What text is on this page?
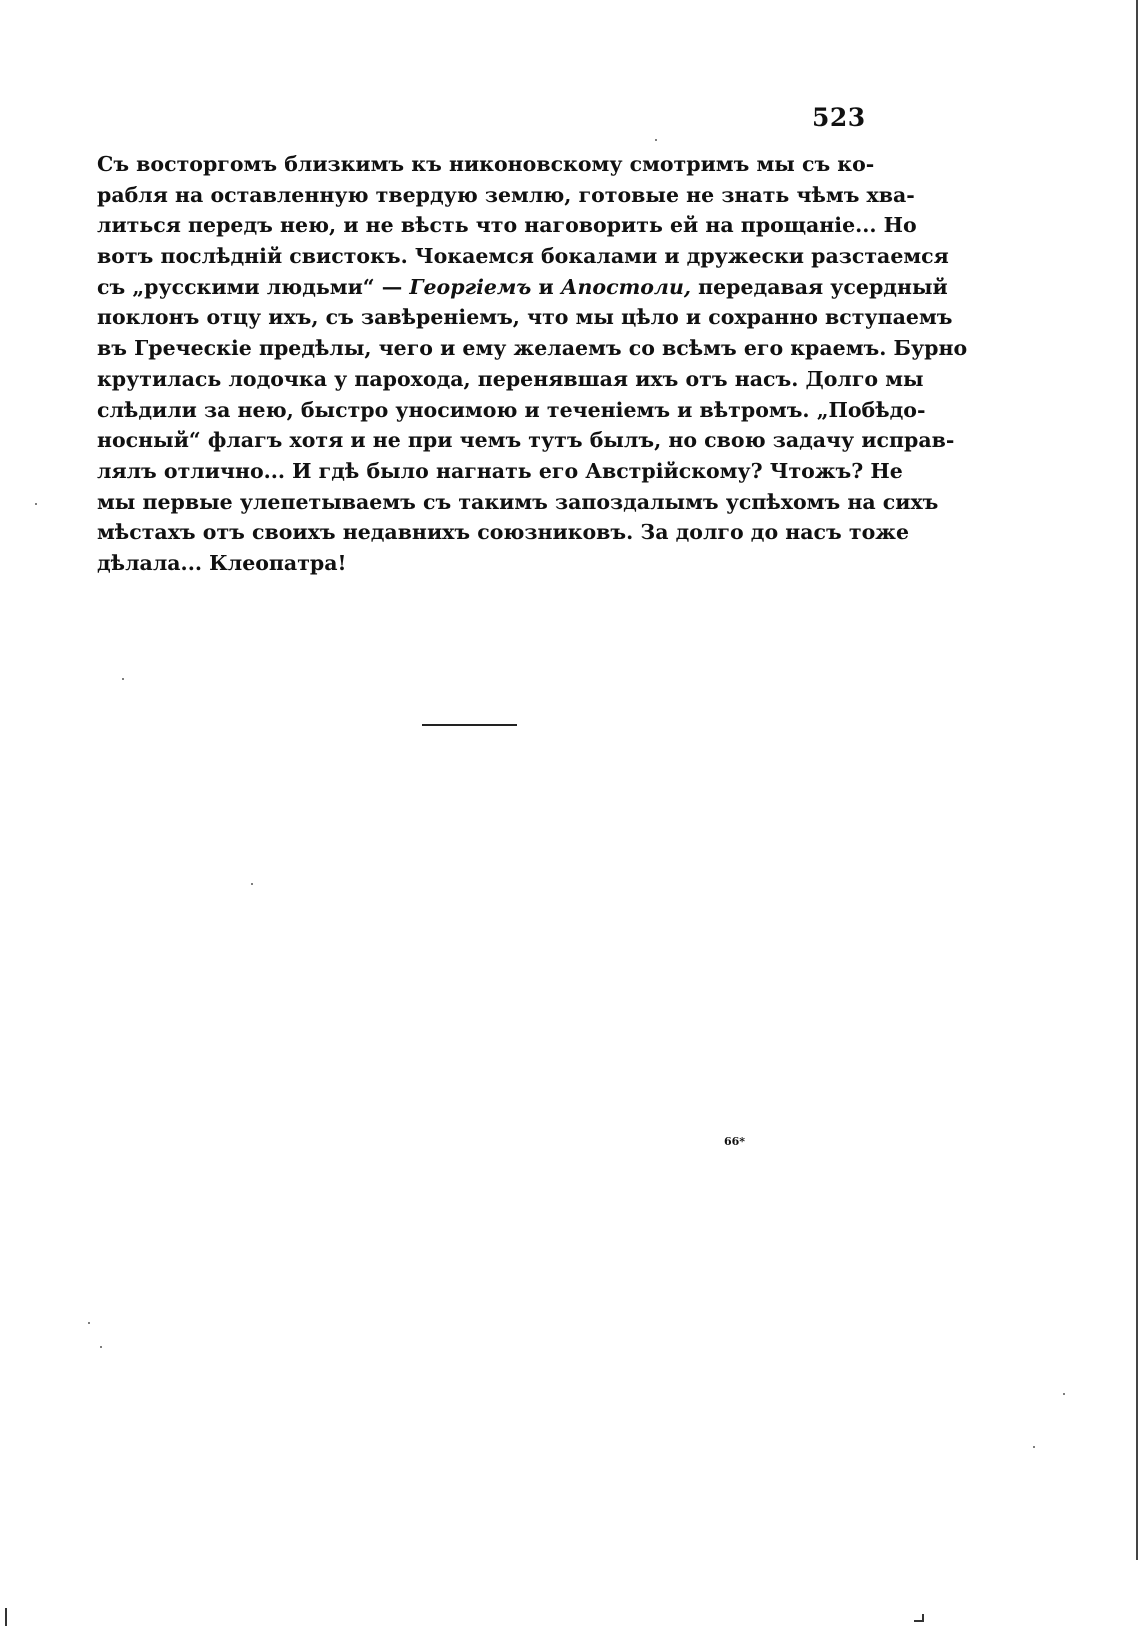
523
Съ восторгомъ близкимъ къ никоновскому смотримъ мы съ ко-
рабля на оставленную твердую землю, готовые не знать чѣмъ хва-
литься передъ нею, и не вѣсть что наговорить ей на прощаніе... Но
вотъ послѣдній свистокъ. Чокаемся бокалами и дружески разстаемся
съ „русскими людьми“ — Георгіемъ и Апостоли, передавая усердный
поклонъ отцу ихъ, съ завѣреніемъ, что мы цѣло и сохранно вступаемъ
въ Греческіе предѣлы, чего и ему желаемъ со всѣмъ его краемъ. Бурно
крутилась лодочка у парохода, перенявшая ихъ отъ насъ. Долго мы
слѣдили за нею, быстро уносимою и теченіемъ и вѣтромъ. „Побѣдо-
носный“ флагъ хотя и не при чемъ тутъ былъ, но свою задачу исправ-
лялъ отлично... И гдѣ было нагнать его Австрійскому? Чтожъ? Не
мы первые улепетываемъ съ такимъ запоздалымъ успѣхомъ на сихъ
мѣстахъ отъ своихъ недавнихъ союзниковъ. За долго до насъ тоже
дѣлала... Клеопатра!
66*
